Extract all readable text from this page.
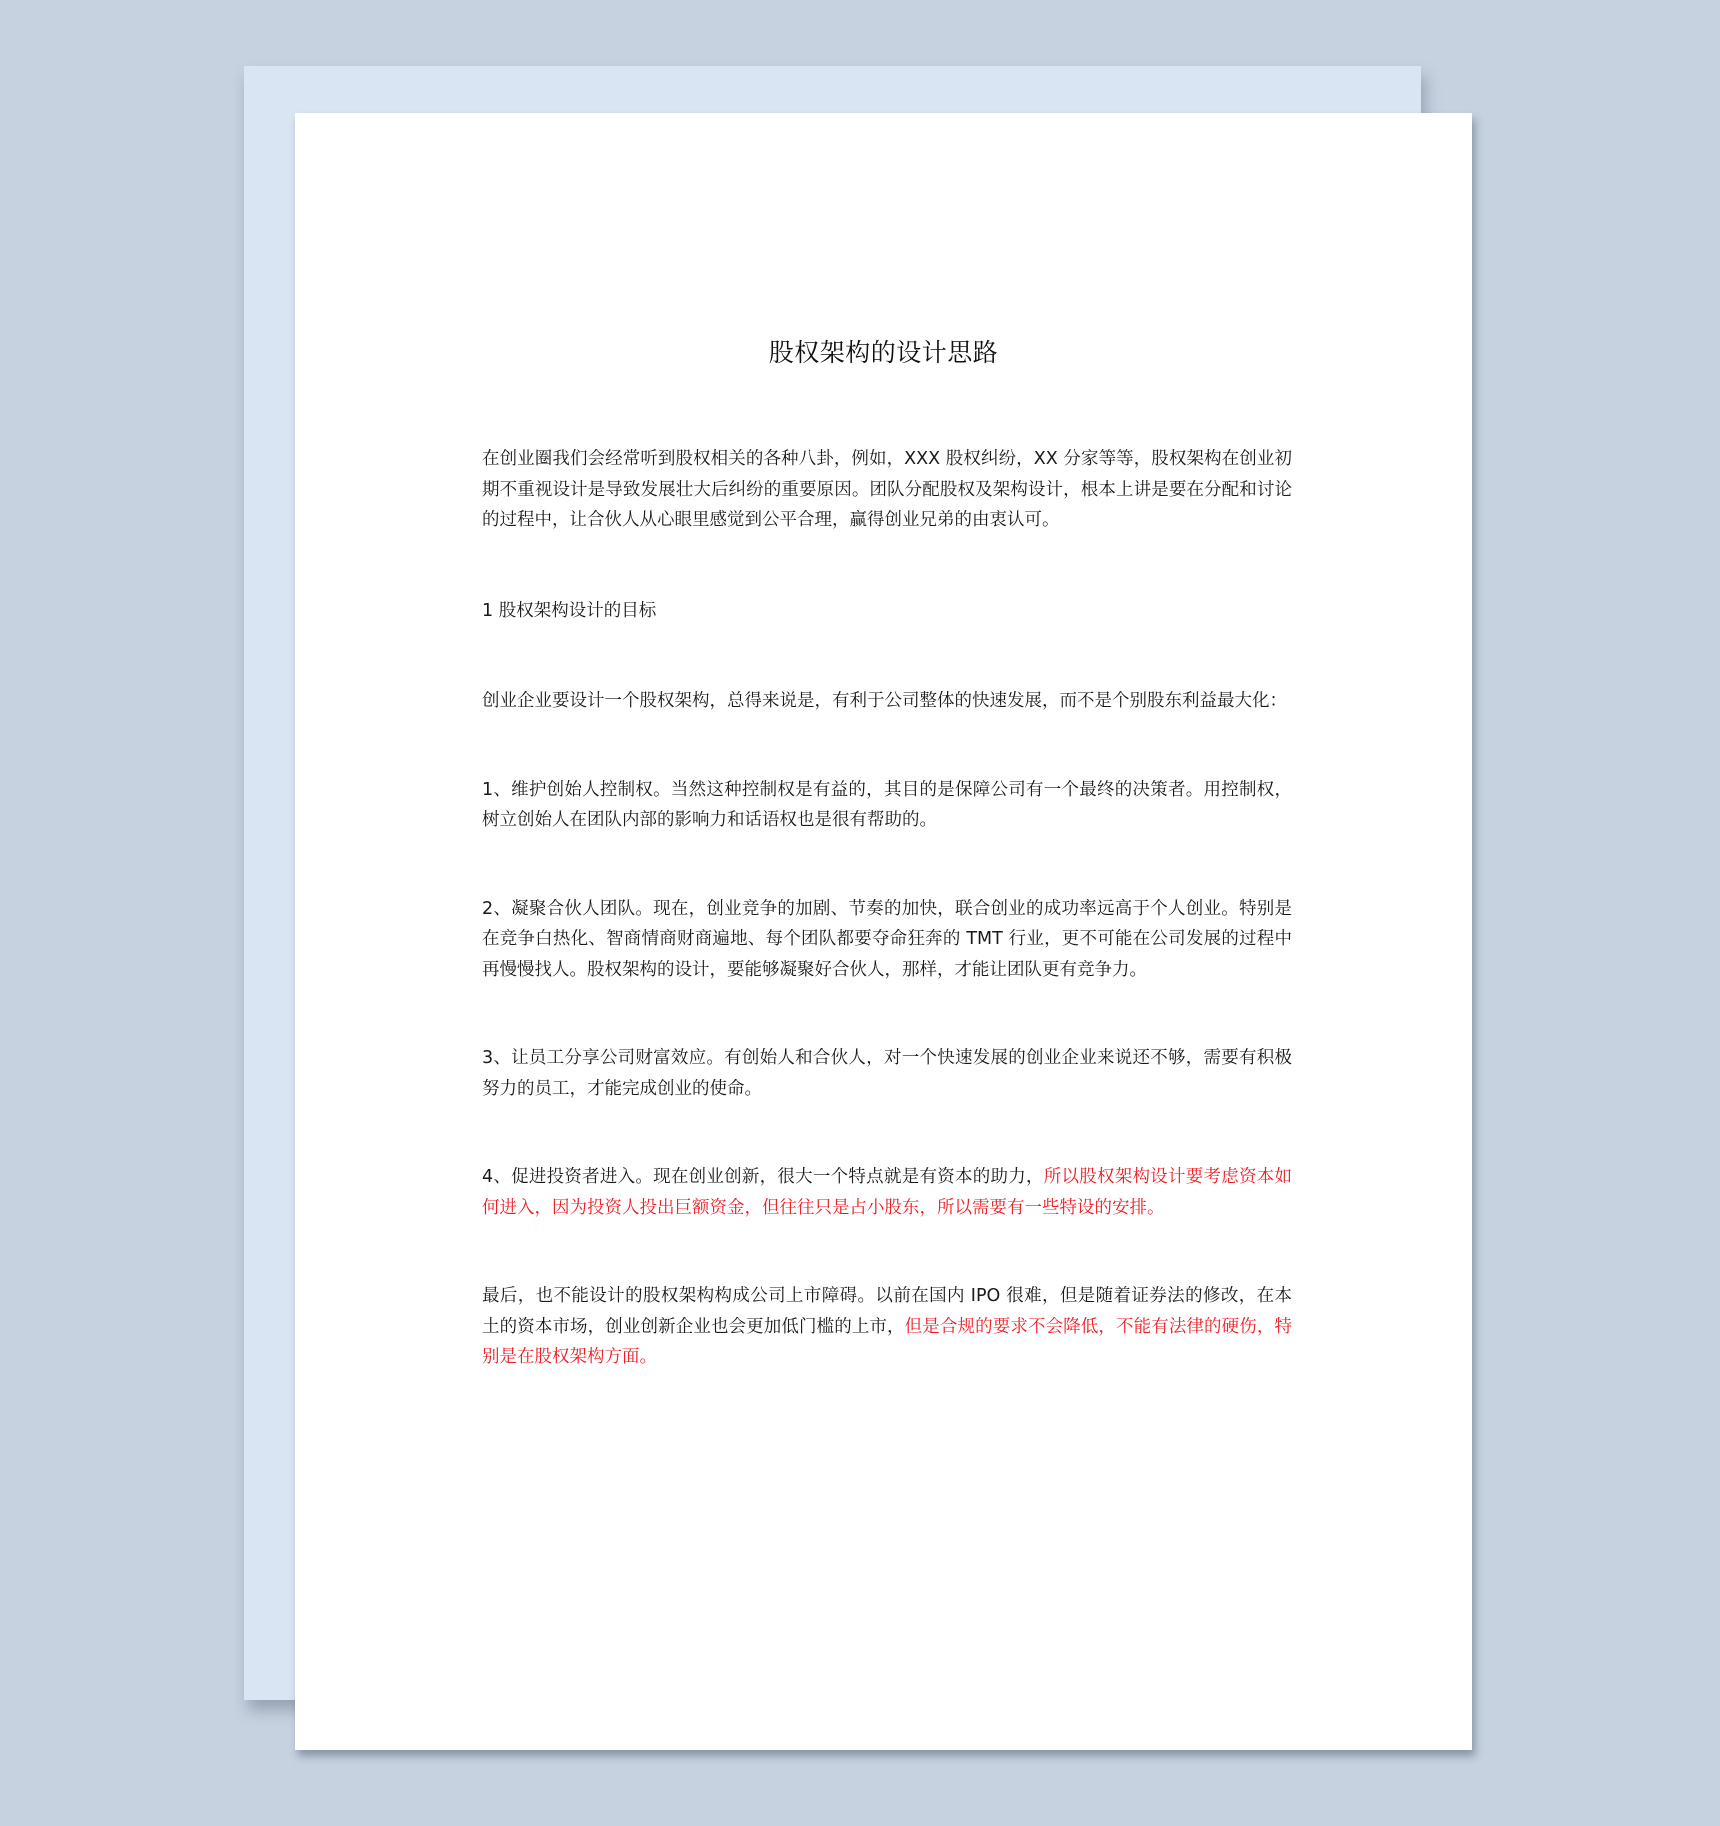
股权架构的设计思路

在创业圈我们会经常听到股权相关的各种八卦，例如，XXX 股权纠纷，XX 分家等等，股权架构在创业初期不重视设计是导致发展壮大后纠纷的重要原因。团队分配股权及架构设计，根本上讲是要在分配和讨论的过程中，让合伙人从心眼里感觉到公平合理，赢得创业兄弟的由衷认可。

1 股权架构设计的目标

创业企业要设计一个股权架构，总得来说是，有利于公司整体的快速发展，而不是个别股东利益最大化：

1、维护创始人控制权。当然这种控制权是有益的，其目的是保障公司有一个最终的决策者。用控制权，树立创始人在团队内部的影响力和话语权也是很有帮助的。

2、凝聚合伙人团队。现在，创业竞争的加剧、节奏的加快，联合创业的成功率远高于个人创业。特别是在竞争白热化、智商情商财商遍地、每个团队都要夺命狂奔的 TMT 行业，更不可能在公司发展的过程中再慢慢找人。股权架构的设计，要能够凝聚好合伙人，那样，才能让团队更有竞争力。

3、让员工分享公司财富效应。有创始人和合伙人，对一个快速发展的创业企业来说还不够，需要有积极努力的员工，才能完成创业的使命。

4、促进投资者进入。现在创业创新，很大一个特点就是有资本的助力，所以股权架构设计要考虑资本如何进入，因为投资人投出巨额资金，但往往只是占小股东，所以需要有一些特设的安排。

最后，也不能设计的股权架构构成公司上市障碍。以前在国内 IPO 很难，但是随着证券法的修改，在本土的资本市场，创业创新企业也会更加低门槛的上市，但是合规的要求不会降低，不能有法律的硬伤，特别是在股权架构方面。
